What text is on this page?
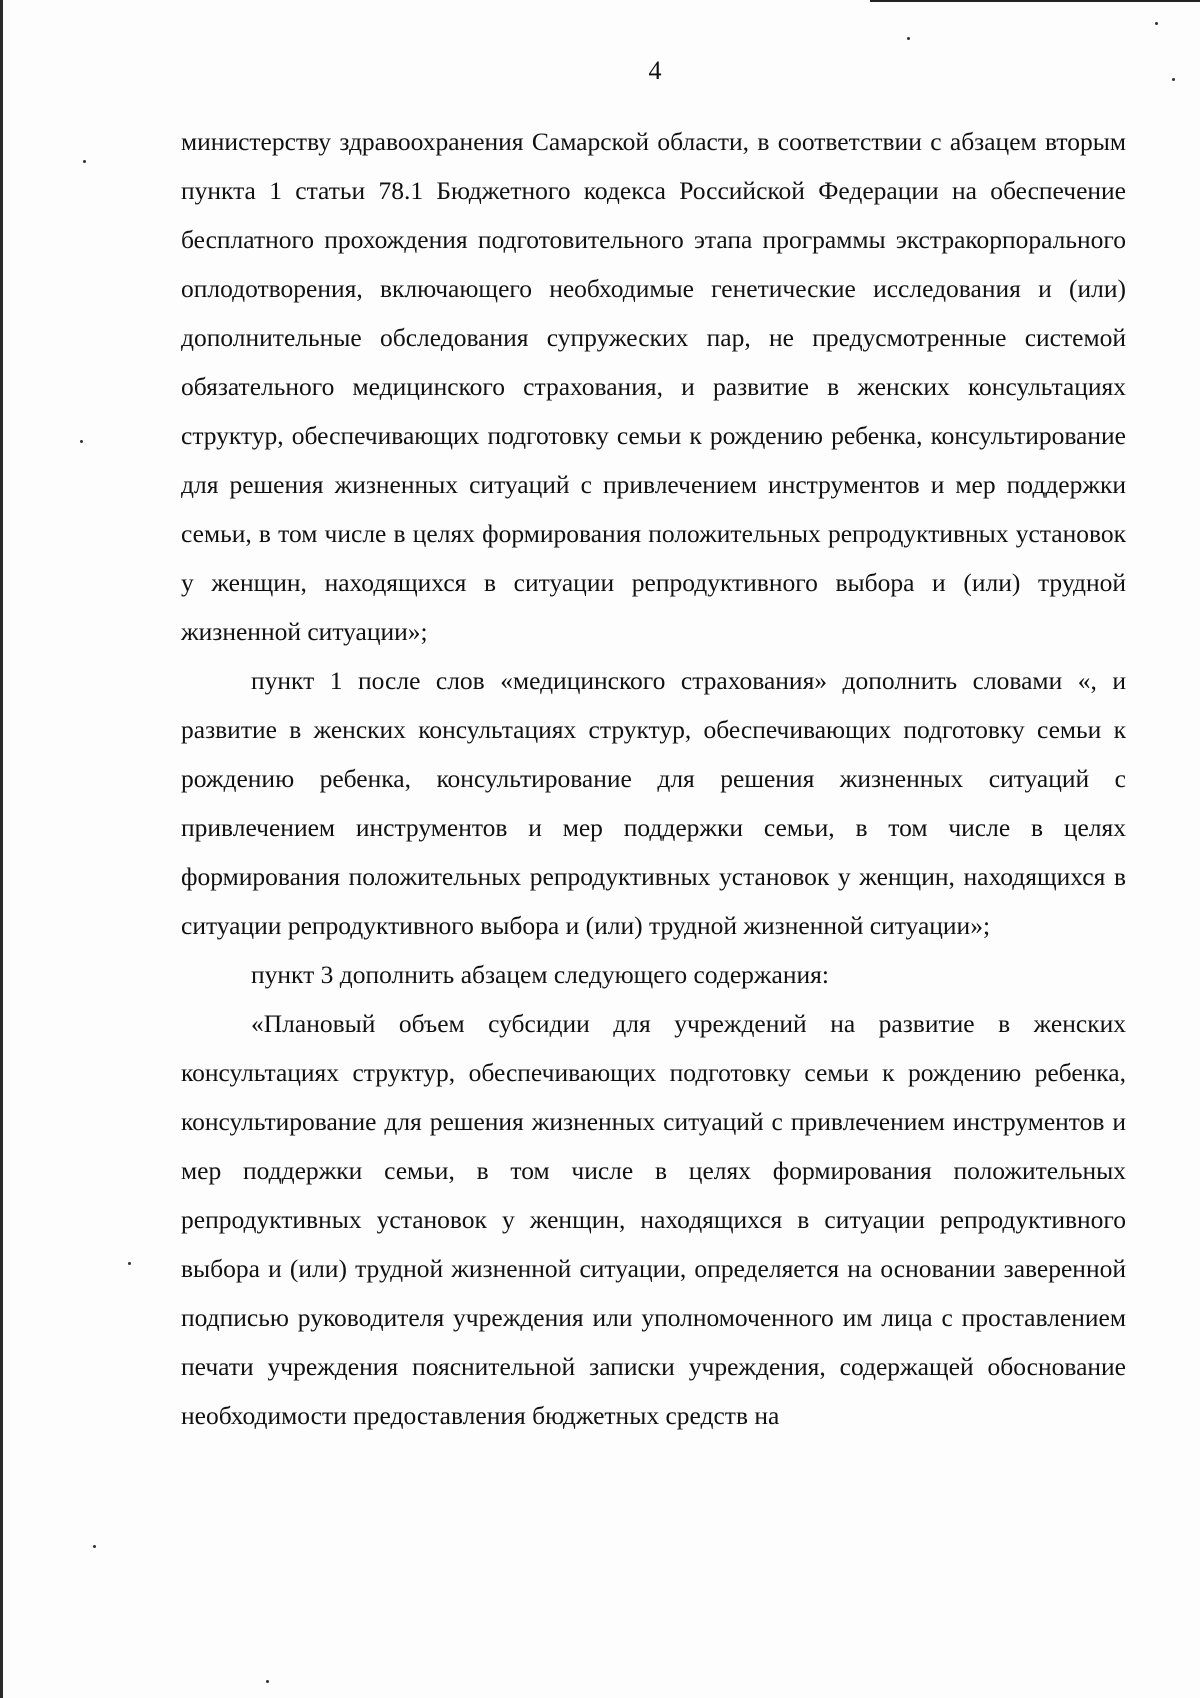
4

министерству здравоохранения Самарской области, в соответствии с абзацем вторым пункта 1 статьи 78.1 Бюджетного кодекса Российской Федерации на обеспечение бесплатного прохождения подготовительного этапа программы экстракорпорального оплодотворения, включающего необходимые генетические исследования и (или) дополнительные обследования супружеских пар, не предусмотренные системой обязательного медицинского страхования, и развитие в женских консультациях структур, обеспечивающих подготовку семьи к рождению ребенка, консультирование для решения жизненных ситуаций с привлечением инструментов и мер поддержки семьи, в том числе в целях формирования положительных репродуктивных установок у женщин, находящихся в ситуации репродуктивного выбора и (или) трудной жизненной ситуации»;

пункт 1 после слов «медицинского страхования» дополнить словами «, и развитие в женских консультациях структур, обеспечивающих подготовку семьи к рождению ребенка, консультирование для решения жизненных ситуаций с привлечением инструментов и мер поддержки семьи, в том числе в целях формирования положительных репродуктивных установок у женщин, находящихся в ситуации репродуктивного выбора и (или) трудной жизненной ситуации»;

пункт 3 дополнить абзацем следующего содержания:

«Плановый объем субсидии для учреждений на развитие в женских консультациях структур, обеспечивающих подготовку семьи к рождению ребенка, консультирование для решения жизненных ситуаций с привлечением инструментов и мер поддержки семьи, в том числе в целях формирования положительных репродуктивных установок у женщин, находящихся в ситуации репродуктивного выбора и (или) трудной жизненной ситуации, определяется на основании заверенной подписью руководителя учреждения или уполномоченного им лица с проставлением печати учреждения пояснительной записки учреждения, содержащей обоснование необходимости предоставления бюджетных средств на
